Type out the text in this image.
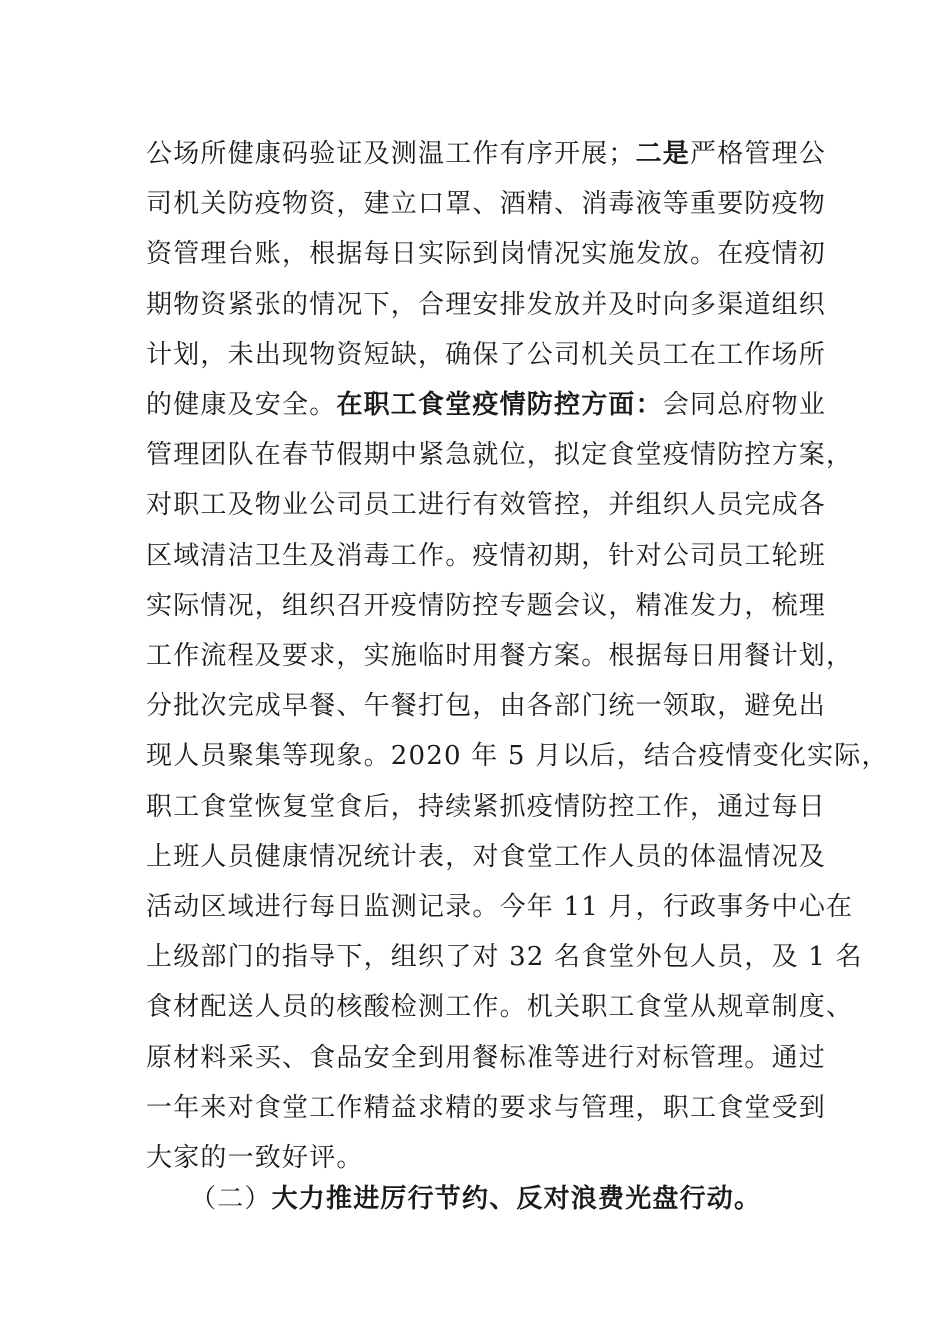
公场所健康码验证及测温工作有序开展；二是严格管理公
司机关防疫物资，建立口罩、酒精、消毒液等重要防疫物
资管理台账，根据每日实际到岗情况实施发放。在疫情初
期物资紧张的情况下，合理安排发放并及时向多渠道组织
计划，未出现物资短缺，确保了公司机关员工在工作场所
的健康及安全。在职工食堂疫情防控方面：会同总府物业
管理团队在春节假期中紧急就位，拟定食堂疫情防控方案，
对职工及物业公司员工进行有效管控，并组织人员完成各
区域清洁卫生及消毒工作。疫情初期，针对公司员工轮班
实际情况，组织召开疫情防控专题会议，精准发力，梳理
工作流程及要求，实施临时用餐方案。根据每日用餐计划，
分批次完成早餐、午餐打包，由各部门统一领取，避免出
现人员聚集等现象。2020 年 5 月以后，结合疫情变化实际，
职工食堂恢复堂食后，持续紧抓疫情防控工作，通过每日
上班人员健康情况统计表，对食堂工作人员的体温情况及
活动区域进行每日监测记录。今年 11 月，行政事务中心在
上级部门的指导下，组织了对 32 名食堂外包人员，及 1 名
食材配送人员的核酸检测工作。机关职工食堂从规章制度、
原材料采买、食品安全到用餐标准等进行对标管理。通过
一年来对食堂工作精益求精的要求与管理，职工食堂受到
大家的一致好评。
（二）大力推进厉行节约、反对浪费光盘行动。
